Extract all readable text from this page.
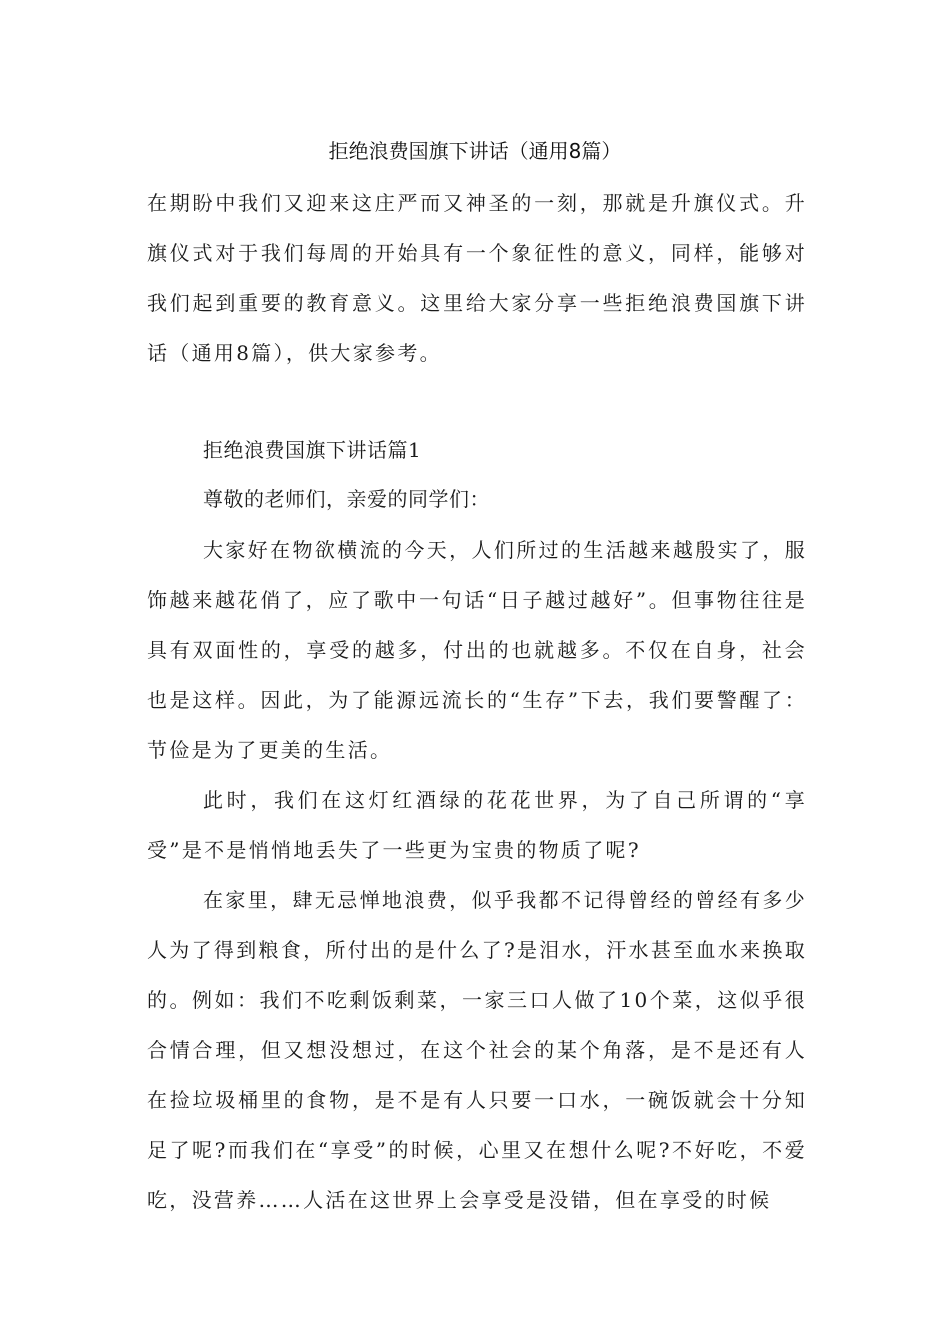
拒绝浪费国旗下讲话（通用8篇）

在期盼中我们又迎来这庄严而又神圣的一刻，那就是升旗仪式。升旗仪式对于我们每周的开始具有一个象征性的意义，同样，能够对我们起到重要的教育意义。这里给大家分享一些拒绝浪费国旗下讲话（通用8篇），供大家参考。

拒绝浪费国旗下讲话篇1

尊敬的老师们，亲爱的同学们：

大家好在物欲横流的今天，人们所过的生活越来越殷实了，服饰越来越花俏了，应了歌中一句话“日子越过越好”。但事物往往是具有双面性的，享受的越多，付出的也就越多。不仅在自身，社会也是这样。因此，为了能源远流长的“生存”下去，我们要警醒了：节俭是为了更美的生活。

此时，我们在这灯红酒绿的花花世界，为了自己所谓的“享受”是不是悄悄地丢失了一些更为宝贵的物质了呢?

在家里，肆无忌惮地浪费，似乎我都不记得曾经的曾经有多少人为了得到粮食，所付出的是什么了?是泪水，汗水甚至血水来换取的。例如：我们不吃剩饭剩菜，一家三口人做了10个菜，这似乎很合情合理，但又想没想过，在这个社会的某个角落，是不是还有人在捡垃圾桶里的食物，是不是有人只要一口水，一碗饭就会十分知足了呢?而我们在“享受”的时候，心里又在想什么呢?不好吃，不爱吃，没营养……人活在这世界上会享受是没错，但在享受的时候
